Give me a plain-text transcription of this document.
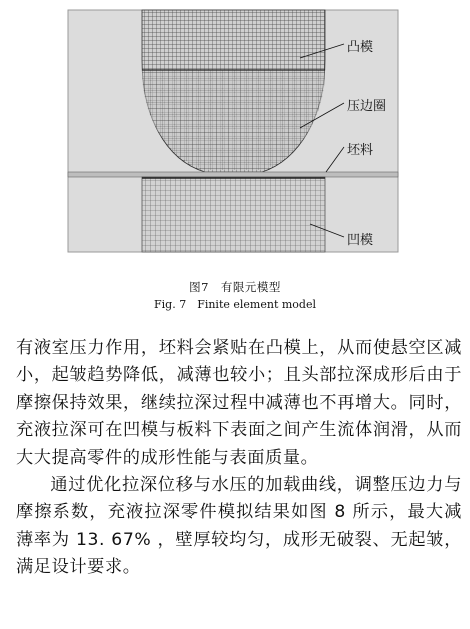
凸模
压边圈
坯料
凹模
图7　有限元模型
Fig. 7　Finite element model

有液室压力作用，坯料会紧贴在凸模上，从而使悬空区减小，起皱趋势降低，减薄也较小；且头部拉深成形后由于摩擦保持效果，继续拉深过程中减薄也不再增大。同时，充液拉深可在凹模与板料下表面之间产生流体润滑，从而大大提高零件的成形性能与表面质量。

通过优化拉深位移与水压的加载曲线，调整压边力与摩擦系数，充液拉深零件模拟结果如图 8 所示，最大减薄率为 13. 67% ，壁厚较均匀，成形无破裂、无起皱，满足设计要求。
